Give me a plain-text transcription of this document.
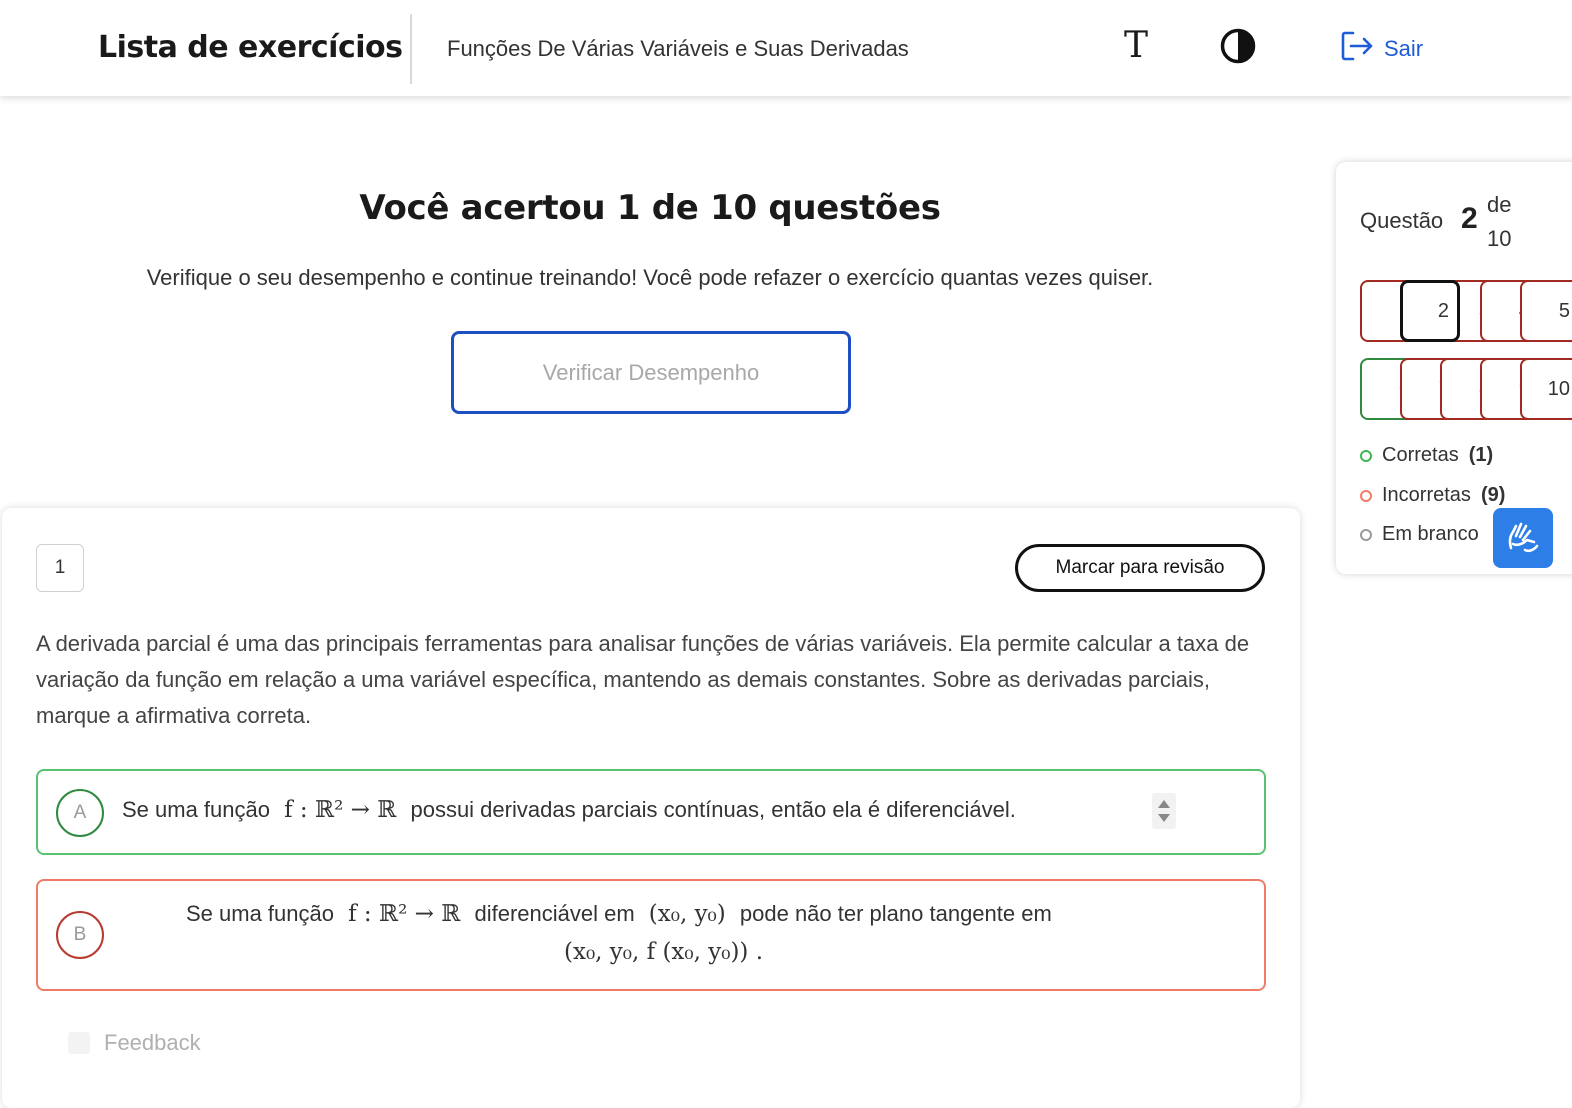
Lista de exercícios Funções De Várias Variáveis e Suas Derivadas	T	Sair
Você acertou 1 de 10 questões
Verifique o seu desempenho e continue treinando! Você pode refazer o exercício quantas vezes quiser.
Verificar Desempenho
1	Marcar para revisão
A derivada parcial é uma das principais ferramentas para analisar funções de várias variáveis. Ela permite calcular a taxa de variação da função em relação a uma variável específica, mantendo as demais constantes. Sobre as derivadas parciais, marque a afirmativa correta.
A	Se uma função f : ℝ² → ℝ possui derivadas parciais contínuas, então ela é diferenciável.
B
Se uma função f : ℝ² → ℝ diferenciável em (x₀, y₀) pode não ter plano tangente em
(x₀, y₀, f (x₀, y₀)) .
Feedback
Questão 2 de
10
2	5
10
Corretas (1)
Incorretas (9)
Em branco
